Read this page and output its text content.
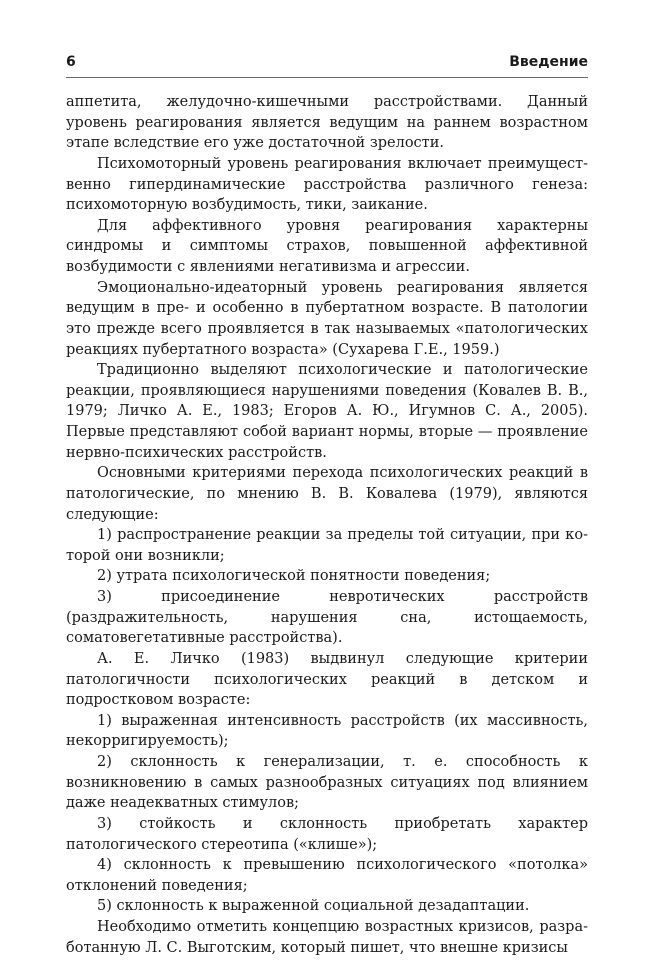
6	Введение

аппетита, желудочно-кишечными расстройствами. Данный уровень реагирования является ведущим на раннем возрастном этапе вследствие его уже достаточной зрелости.

Психомоторный уровень реагирования включает преимущественно гипердинамические расстройства различного генеза: психомоторную возбудимость, тики, заикание.

Для аффективного уровня реагирования характерны синдромы и симптомы страхов, повышенной аффективной возбудимости с явлениями негативизма и агрессии.

Эмоционально-идеаторный уровень реагирования является ведущим в пре- и особенно в пубертатном возрасте. В патологии это прежде всего проявляется в так называемых «патологических реакциях пубертатного возраста» (Сухарева Г.Е., 1959.)

Традиционно выделяют психологические и патологические реакции, проявляющиеся нарушениями поведения (Ковалев В. В., 1979; Личко А. Е., 1983; Егоров А. Ю., Игумнов С. А., 2005). Первые представляют собой вариант нормы, вторые — проявление нервно-психических расстройств.

Основными критериями перехода психологических реакций в патологические, по мнению В. В. Ковалева (1979), являются следующие:

1) распространение реакции за пределы той ситуации, при которой они возникли;

2) утрата психологической понятности поведения;

3) присоединение невротических расстройств (раздражительность, нарушения сна, истощаемость, соматовегетативные расстройства).

А. Е. Личко (1983) выдвинул следующие критерии патологичности психологических реакций в детском и подростковом возрасте:

1) выраженная интенсивность расстройств (их массивность, некорригируемость);

2) склонность к генерализации, т. е. способность к возникновению в самых разнообразных ситуациях под влиянием даже неадекватных стимулов;

3) стойкость и склонность приобретать характер патологического стереотипа («клише»);

4) склонность к превышению психологического «потолка» отклонений поведения;

5) склонность к выраженной социальной дезадаптации.

Необходимо отметить концепцию возрастных кризисов, разработанную Л. С. Выготским, который пишет, что внешне кризисы
